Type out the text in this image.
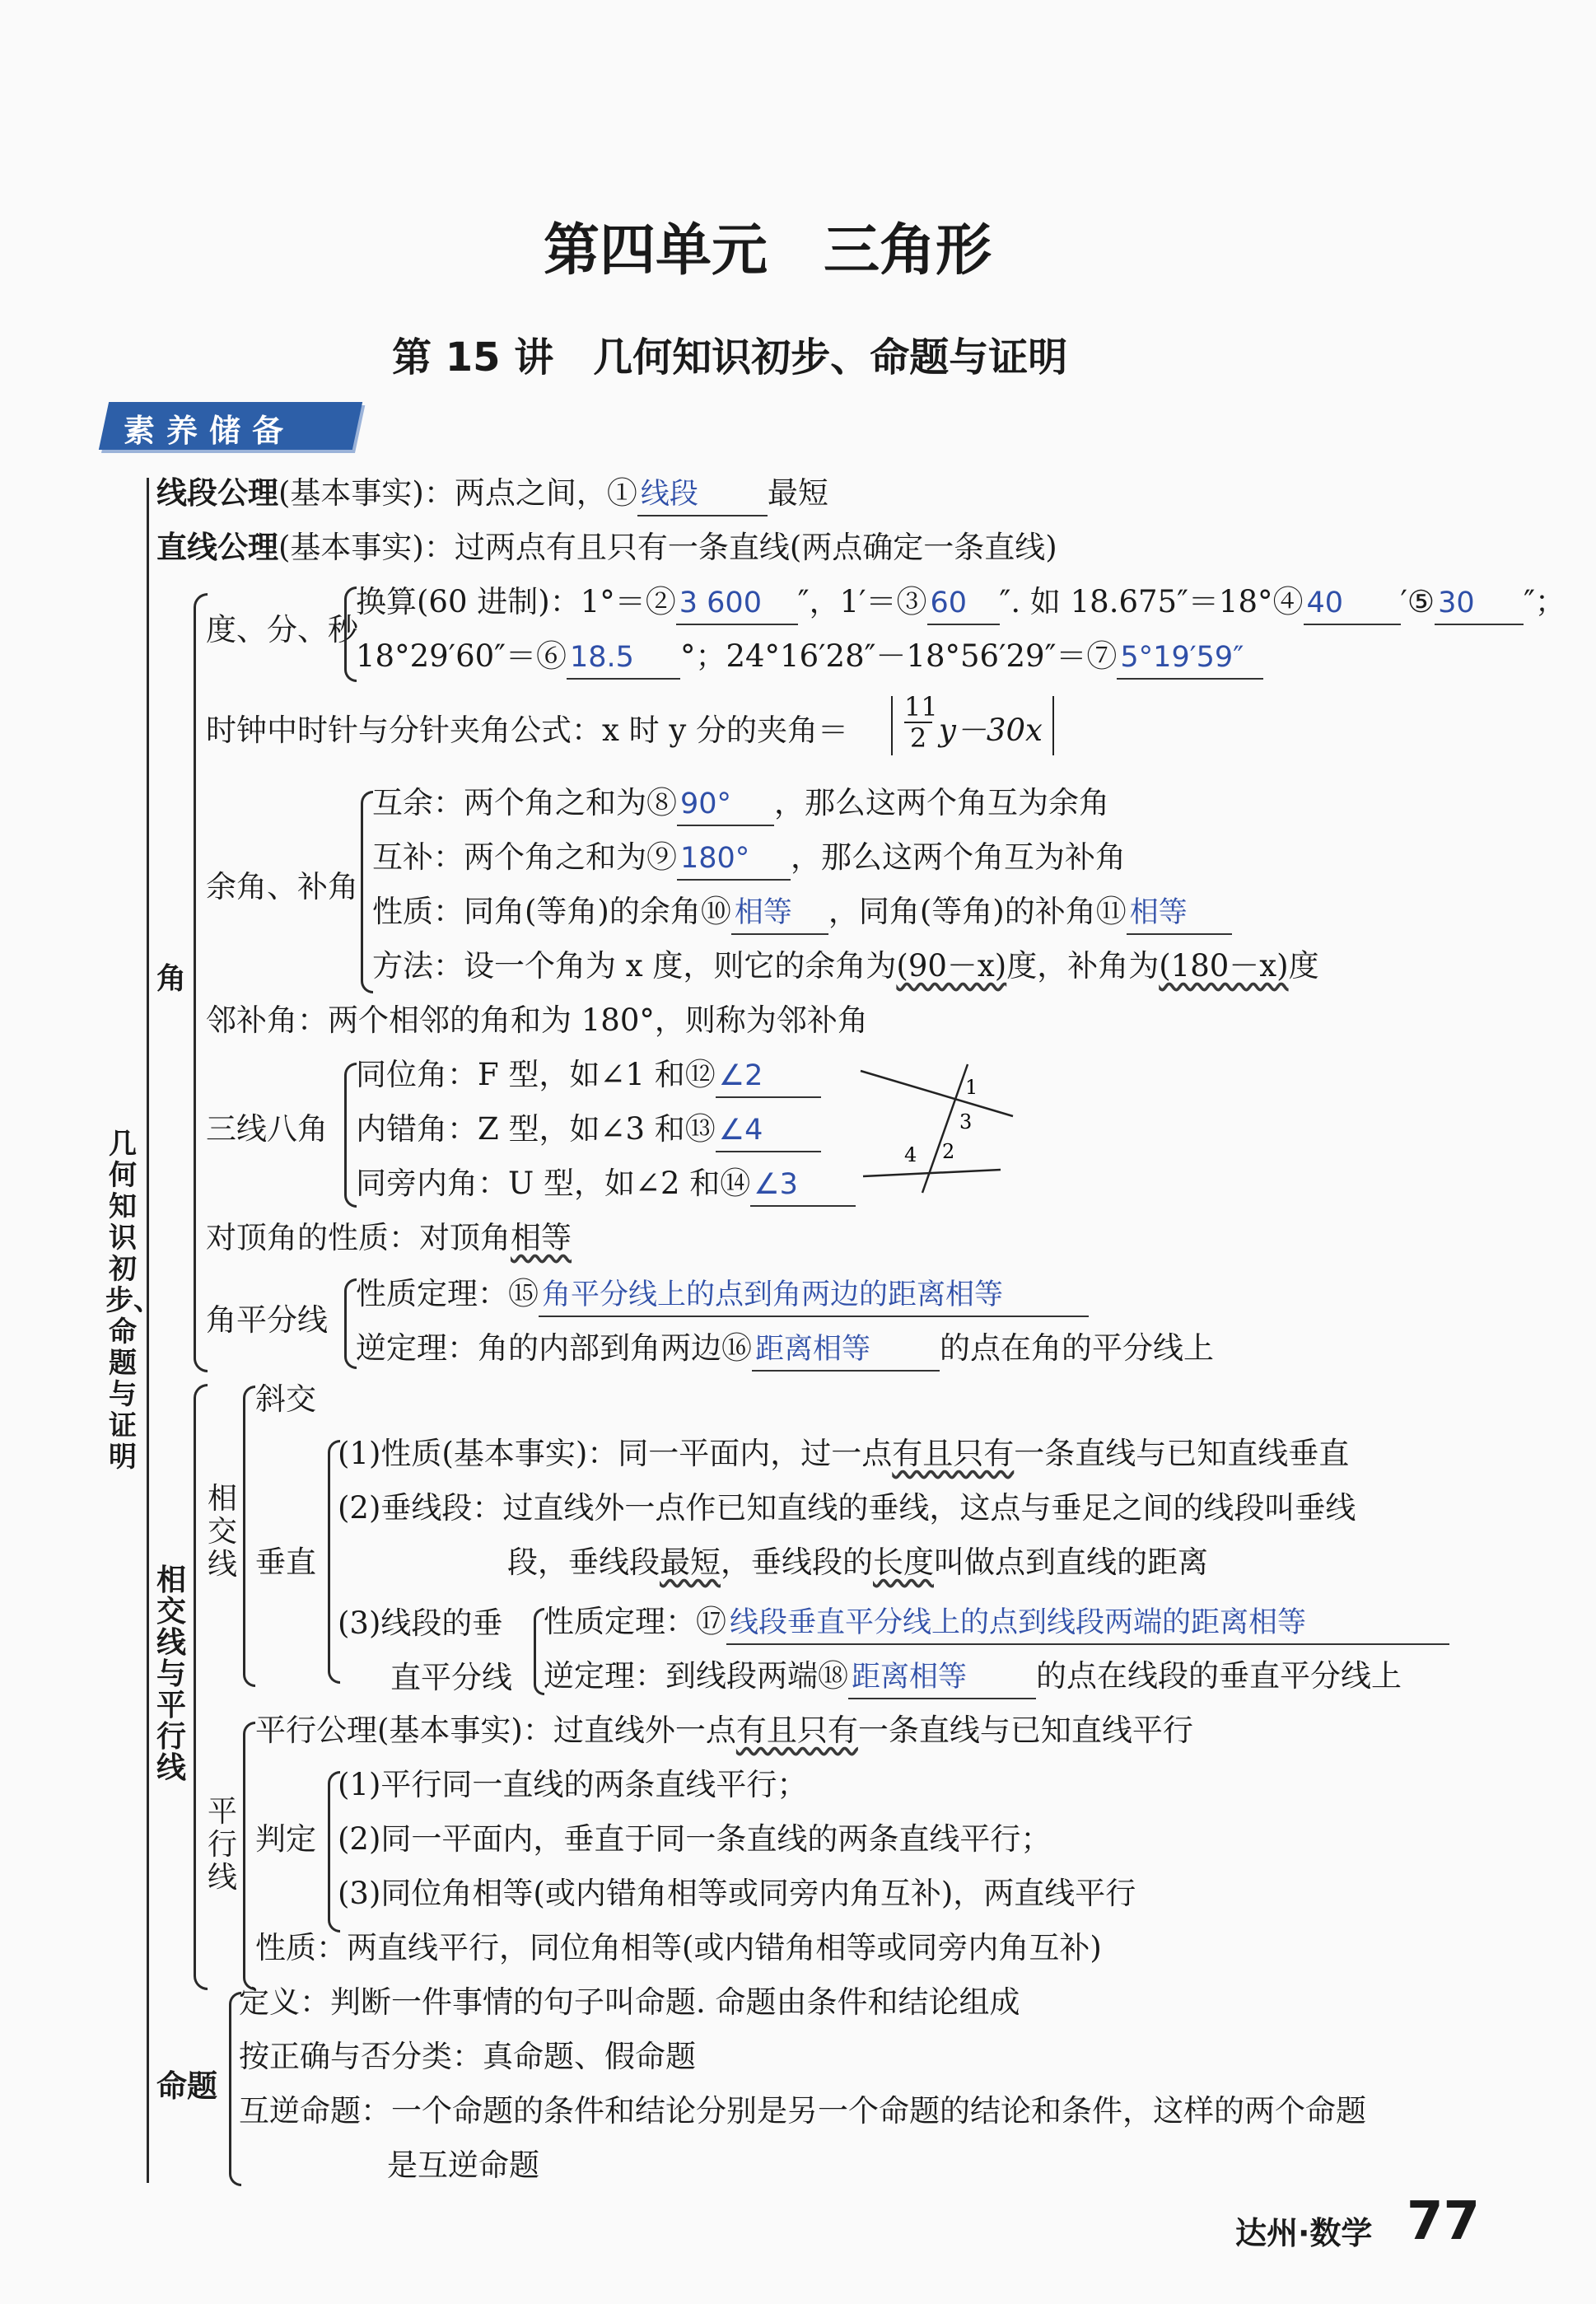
第四单元　三角形
第 15 讲　几何知识初步、命题与证明
素养储备
几何知识初步、命题与证明
线段公理(基本事实)：两点之间，① 线段 最短
直线公理(基本事实)：过两点有且只有一条直线(两点确定一条直线)
角
度、分、秒
换算(60 进制)：1°＝② 3 600 ″，1′＝③ 60 ″. 如 18.675″＝18°④ 40 ′⑤ 30 ″；
18°29′60″＝⑥ 18.5 °；24°16′28″－18°56′29″＝⑦ 5°19′59″
时钟中时针与分针夹角公式：x 时 y 分的夹角＝ $\frac{11}{2} y-30x$
余角、补角
互余：两个角之和为⑧ 90° ，那么这两个角互为余角
互补：两个角之和为⑨ 180° ，那么这两个角互为补角
性质：同角(等角)的余角⑩ 相等 ，同角(等角)的补角⑪ 相等
方法：设一个角为 x 度，则它的余角为(90－x)度，补角为(180－x)度
邻补角：两个相邻的角和为 180°，则称为邻补角
三线八角
同位角：F 型，如∠1 和⑫ ∠2
内错角：Z 型，如∠3 和⑬ ∠4
同旁内角：U 型，如∠2 和⑭ ∠3
1
3
4 2
对顶角的性质：对顶角相等
角平分线
性质定理：⑮ 角平分线上的点到角两边的距离相等
逆定理：角的内部到角两边⑯ 距离相等 的点在角的平分线上
相交线与平行线
相交线
斜交
垂直
(1)性质(基本事实)：同一平面内，过一点有且只有一条直线与已知直线垂直
(2)垂线段：过直线外一点作已知直线的垂线，这点与垂足之间的线段叫垂线
段，垂线段最短，垂线段的长度叫做点到直线的距离
(3)线段的垂
直平分线
性质定理：⑰ 线段垂直平分线上的点到线段两端的距离相等
逆定理：到线段两端⑱ 距离相等 的点在线段的垂直平分线上
平行线
平行公理(基本事实)：过直线外一点有且只有一条直线与已知直线平行
判定
(1)平行同一直线的两条直线平行；
(2)同一平面内，垂直于同一条直线的两条直线平行；
(3)同位角相等(或内错角相等或同旁内角互补)，两直线平行
性质：两直线平行，同位角相等(或内错角相等或同旁内角互补)
命题
定义：判断一件事情的句子叫命题. 命题由条件和结论组成
按正确与否分类：真命题、假命题
互逆命题：一个命题的条件和结论分别是另一个命题的结论和条件，这样的两个命题
是互逆命题
达州·数学 77
